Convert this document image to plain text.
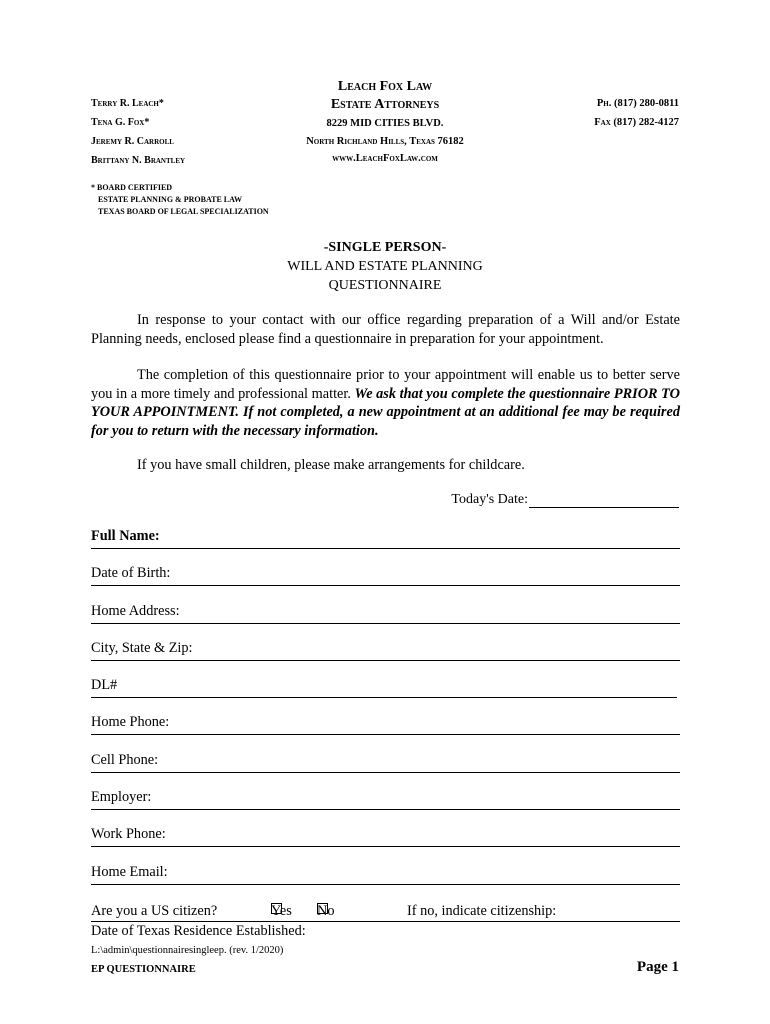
Terry R. Leach*
Tena G. Fox*
Jeremy R. Carroll
Brittany N. Brantley
Leach Fox Law
Estate Attorneys
8229 MID CITIES BLVD.
North Richland Hills, Texas 76182
www.LeachFoxLaw.com
Ph. (817) 280-0811
Fax (817) 282-4127
* BOARD CERTIFIED
ESTATE PLANNING & PROBATE LAW
TEXAS BOARD OF LEGAL SPECIALIZATION
-SINGLE PERSON-
WILL AND ESTATE PLANNING
QUESTIONNAIRE
In response to your contact with our office regarding preparation of a Will and/or Estate Planning needs, enclosed please find a questionnaire in preparation for your appointment.
The completion of this questionnaire prior to your appointment will enable us to better serve you in a more timely and professional matter. We ask that you complete the questionnaire PRIOR TO YOUR APPOINTMENT. If not completed, a new appointment at an additional fee may be required for you to return with the necessary information.
If you have small children, please make arrangements for childcare.
Today's Date:
Full Name:
Date of Birth:
Home Address:
City, State & Zip:
DL#
Home Phone:
Cell Phone:
Employer:
Work Phone:
Home Email:
Are you a US citizen?	Yes No	If no, indicate citizenship:
Date of Texas Residence Established:
L:\admin\questionnairesingleep. (rev. 1/2020)
EP QUESTIONNAIRE	Page 1
